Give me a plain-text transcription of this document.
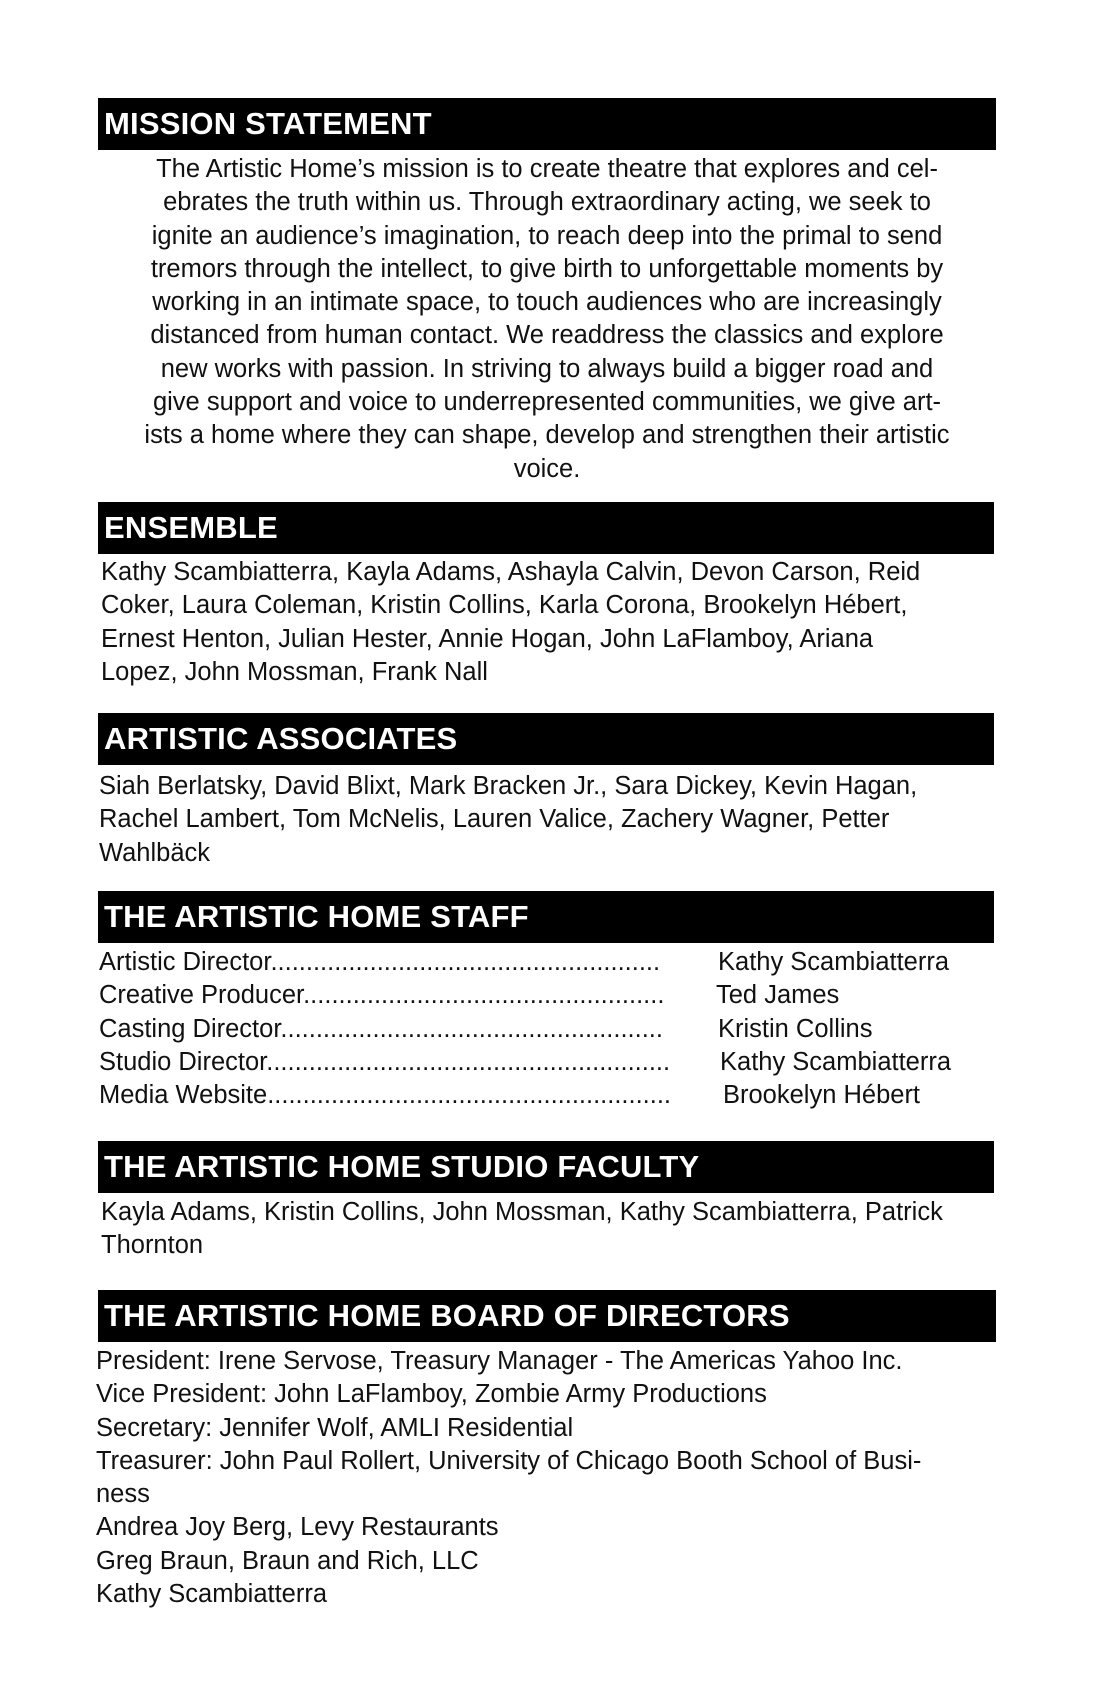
MISSION STATEMENT
The Artistic Home’s mission is to create theatre that explores and cel-
ebrates the truth within us. Through extraordinary acting, we seek to
ignite an audience’s imagination, to reach deep into the primal to send
tremors through the intellect, to give birth to unforgettable moments by
working in an intimate space, to touch audiences who are increasingly
distanced from human contact. We readdress the classics and explore
new works with passion. In striving to always build a bigger road and
give support and voice to underrepresented communities, we give art-
ists a home where they can shape, develop and strengthen their artistic
voice.
ENSEMBLE
Kathy Scambiatterra, Kayla Adams, Ashayla Calvin, Devon Carson, Reid
Coker, Laura Coleman, Kristin Collins, Karla Corona, Brookelyn Hébert,
Ernest Henton, Julian Hester, Annie Hogan, John LaFlamboy, Ariana
Lopez, John Mossman, Frank Nall
ARTISTIC ASSOCIATES
Siah Berlatsky, David Blixt, Mark Bracken Jr., Sara Dickey, Kevin Hagan,
Rachel Lambert, Tom McNelis, Lauren Valice, Zachery Wagner, Petter
Wahlbäck
THE ARTISTIC HOME STAFF
Artistic Director....................................................... Kathy Scambiatterra
Creative Producer................................................... Ted James
Casting Director...................................................... Kristin Collins
Studio Director......................................................... Kathy Scambiatterra
Media Website......................................................... Brookelyn Hébert
THE ARTISTIC HOME STUDIO FACULTY
Kayla Adams, Kristin Collins, John Mossman, Kathy Scambiatterra, Patrick
Thornton
THE ARTISTIC HOME BOARD OF DIRECTORS
President: Irene Servose, Treasury Manager - The Americas Yahoo Inc.
Vice President: John LaFlamboy, Zombie Army Productions
Secretary: Jennifer Wolf, AMLI Residential
Treasurer: John Paul Rollert, University of Chicago Booth School of Busi-
ness
Andrea Joy Berg, Levy Restaurants
Greg Braun, Braun and Rich, LLC
Kathy Scambiatterra
